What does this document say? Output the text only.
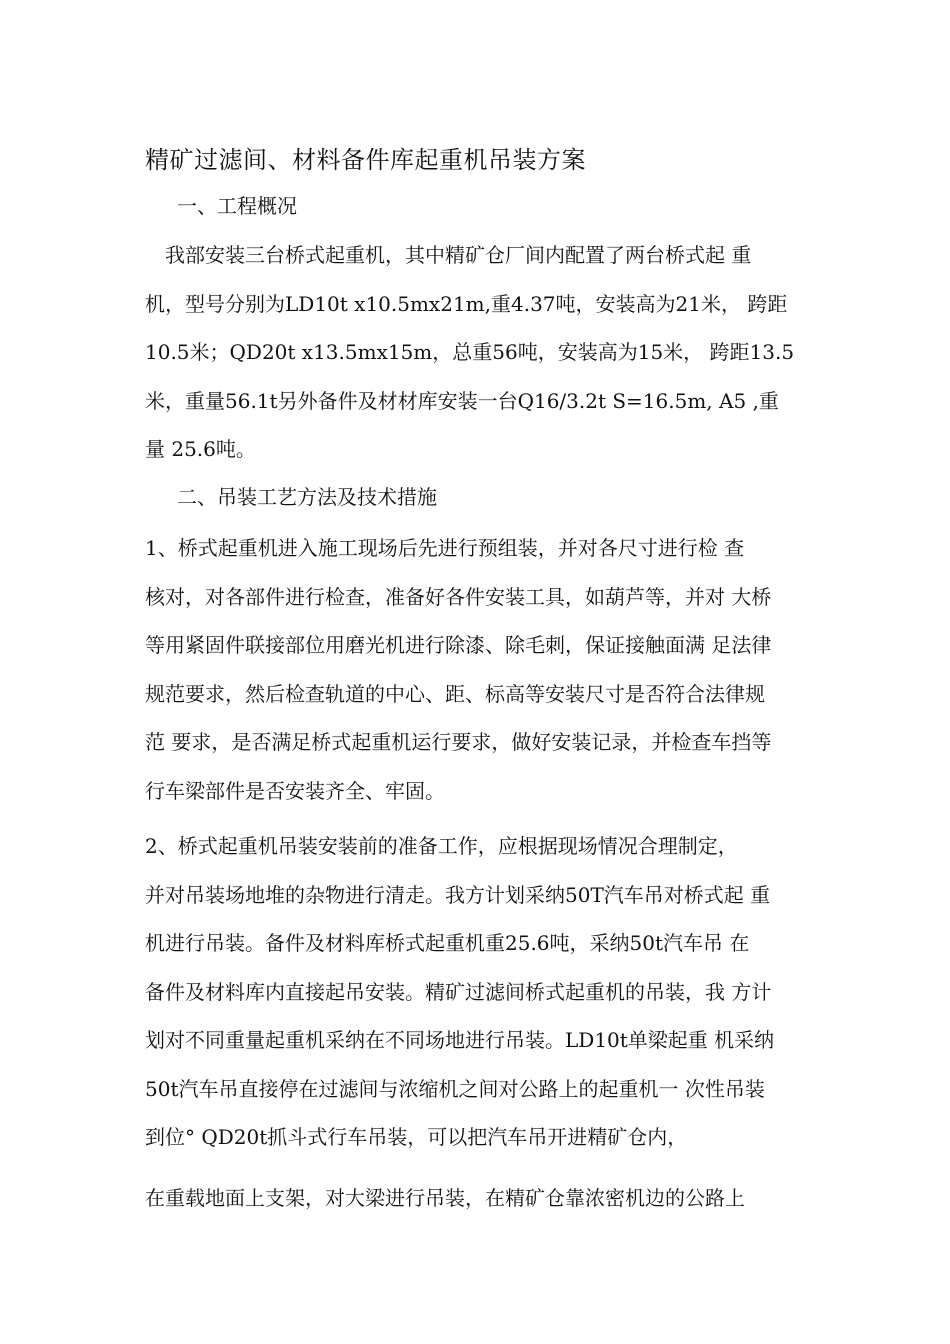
精矿过滤间、材料备件库起重机吊装方案
一、工程概况
　我部安装三台桥式起重机，其中精矿仓厂间内配置了两台桥式起 重
机，型号分别为LD10t x10.5mx21m,重4.37吨，安装高为21米， 跨距
10.5米；QD20t x13.5mx15m，总重56吨，安装高为15米， 跨距13.5
米，重量56.1t另外备件及材材库安装一台Q16/3.2t S=16.5m, A5 ,重
量 25.6吨。
二、吊装工艺方法及技术措施
1、桥式起重机进入施工现场后先进行预组装，并对各尺寸进行检 查
核对，对各部件进行检查，准备好各件安装工具，如葫芦等，并对 大桥
等用紧固件联接部位用磨光机进行除漆、除毛刺，保证接触面满 足法律
规范要求，然后检查轨道的中心、距、标高等安装尺寸是否符合法律规
范 要求，是否满足桥式起重机运行要求，做好安装记录，并检查车挡等
行车梁部件是否安装齐全、牢固。
2、桥式起重机吊装安装前的准备工作，应根据现场情况合理制定，
并对吊装场地堆的杂物进行清走。我方计划采纳50T汽车吊对桥式起 重
机进行吊装。备件及材料库桥式起重机重25.6吨，采纳50t汽车吊 在
备件及材料库内直接起吊安装。精矿过滤间桥式起重机的吊装，我 方计
划对不同重量起重机采纳在不同场地进行吊装。LD10t单梁起重 机采纳
50t汽车吊直接停在过滤间与浓缩机之间对公路上的起重机一 次性吊装
到位° QD20t抓斗式行车吊装，可以把汽车吊开进精矿仓内，
在重载地面上支架，对大梁进行吊装，在精矿仓靠浓密机边的公路上
